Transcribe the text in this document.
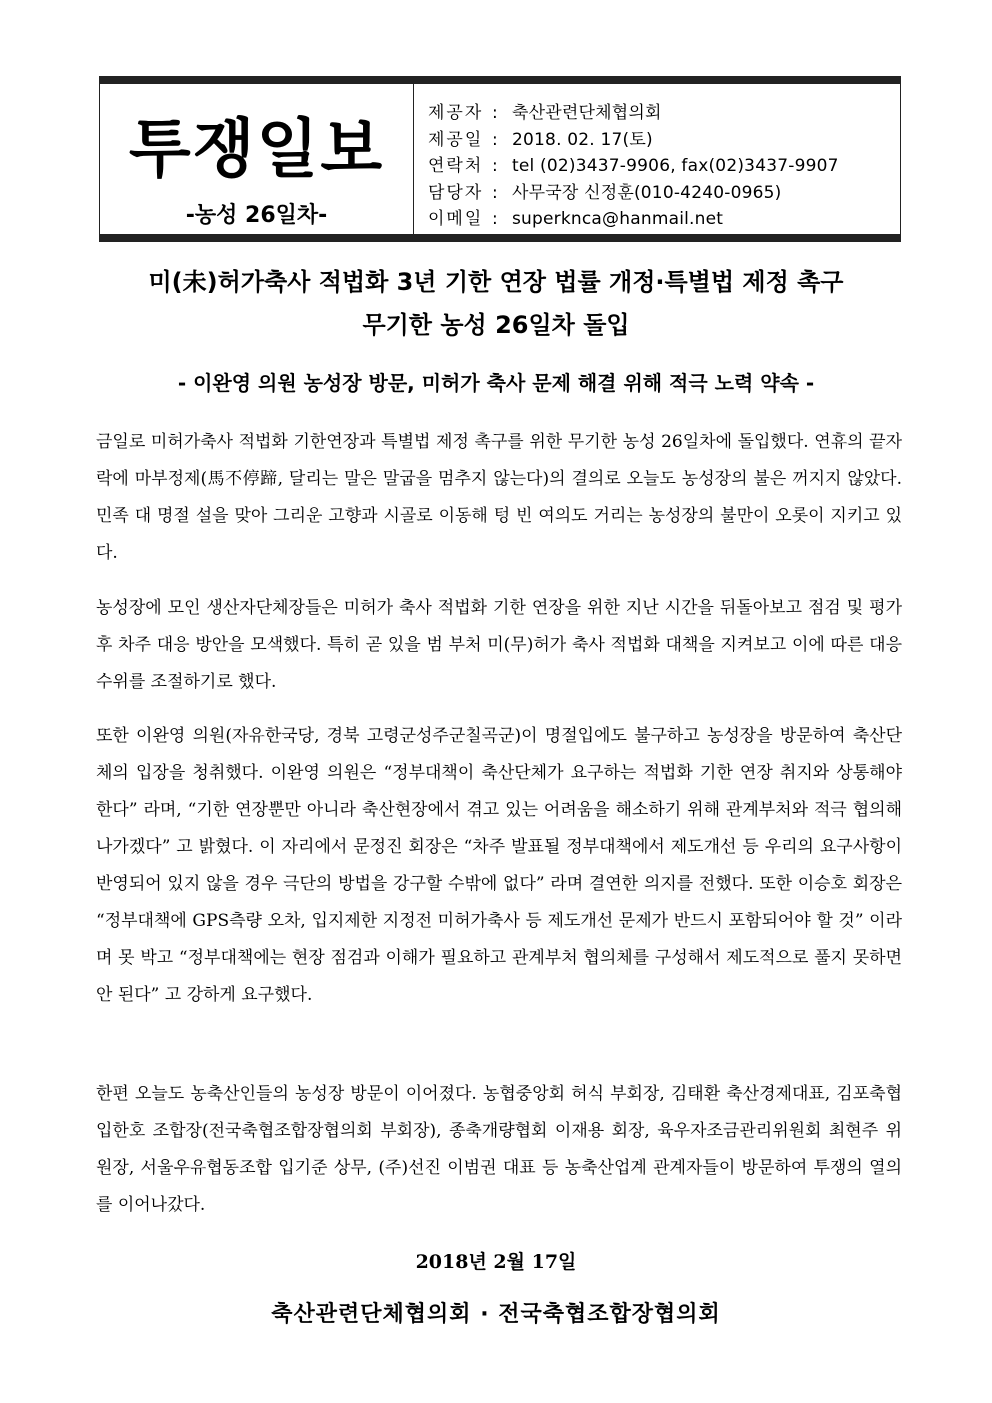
투쟁일보
-농성 26일차-
제공자 : 축산관련단체협의회
제공일 : 2018. 02. 17(토)
연락처 : tel (02)3437-9906, fax(02)3437-9907
담당자 : 사무국장 신정훈(010-4240-0965)
이메일 : superknca@hanmail.net
미(未)허가축사 적법화 3년 기한 연장 법률 개정·특별법 제정 촉구
무기한 농성 26일차 돌입
- 이완영 의원 농성장 방문, 미허가 축사 문제 해결 위해 적극 노력 약속 -
금일로 미허가축사 적법화 기한연장과 특별법 제정 촉구를 위한 무기한 농성 26일차에 돌입했다. 연휴의 끝자락에 마부정제(馬不停蹄, 달리는 말은 말굽을 멈추지 않는다)의 결의로 오늘도 농성장의 불은 꺼지지 않았다. 민족 대 명절 설을 맞아 그리운 고향과 시골로 이동해 텅 빈 여의도 거리는 농성장의 불만이 오롯이 지키고 있다.
농성장에 모인 생산자단체장들은 미허가 축사 적법화 기한 연장을 위한 지난 시간을 뒤돌아보고 점검 및 평가 후 차주 대응 방안을 모색했다. 특히 곧 있을 범 부처 미(무)허가 축사 적법화 대책을 지켜보고 이에 따른 대응 수위를 조절하기로 했다.
또한 이완영 의원(자유한국당, 경북 고령군성주군칠곡군)이 명절입에도 불구하고 농성장을 방문하여 축산단체의 입장을 청취했다. 이완영 의원은 “정부대책이 축산단체가 요구하는 적법화 기한 연장 취지와 상통해야 한다” 라며, “기한 연장뿐만 아니라 축산현장에서 겪고 있는 어려움을 해소하기 위해 관계부처와 적극 협의해 나가겠다” 고 밝혔다. 이 자리에서 문정진 회장은 “차주 발표될 정부대책에서 제도개선 등 우리의 요구사항이 반영되어 있지 않을 경우 극단의 방법을 강구할 수밖에 없다” 라며 결연한 의지를 전했다. 또한 이승호 회장은 “정부대책에 GPS측량 오차, 입지제한 지정전 미허가축사 등 제도개선 문제가 반드시 포함되어야 할 것” 이라며 못 박고 “정부대책에는 현장 점검과 이해가 필요하고 관계부처 협의체를 구성해서 제도적으로 풀지 못하면 안 된다” 고 강하게 요구했다.
한편 오늘도 농축산인들의 농성장 방문이 이어졌다. 농협중앙회 허식 부회장, 김태환 축산경제대표, 김포축협 입한호 조합장(전국축협조합장협의회 부회장), 종축개량협회 이재용 회장, 육우자조금관리위원회 최현주 위원장, 서울우유협동조합 입기준 상무, (주)선진 이범권 대표 등 농축산업계 관계자들이 방문하여 투쟁의 열의를 이어나갔다.
2018년 2월 17일
축산관련단체협의회 · 전국축협조합장협의회
